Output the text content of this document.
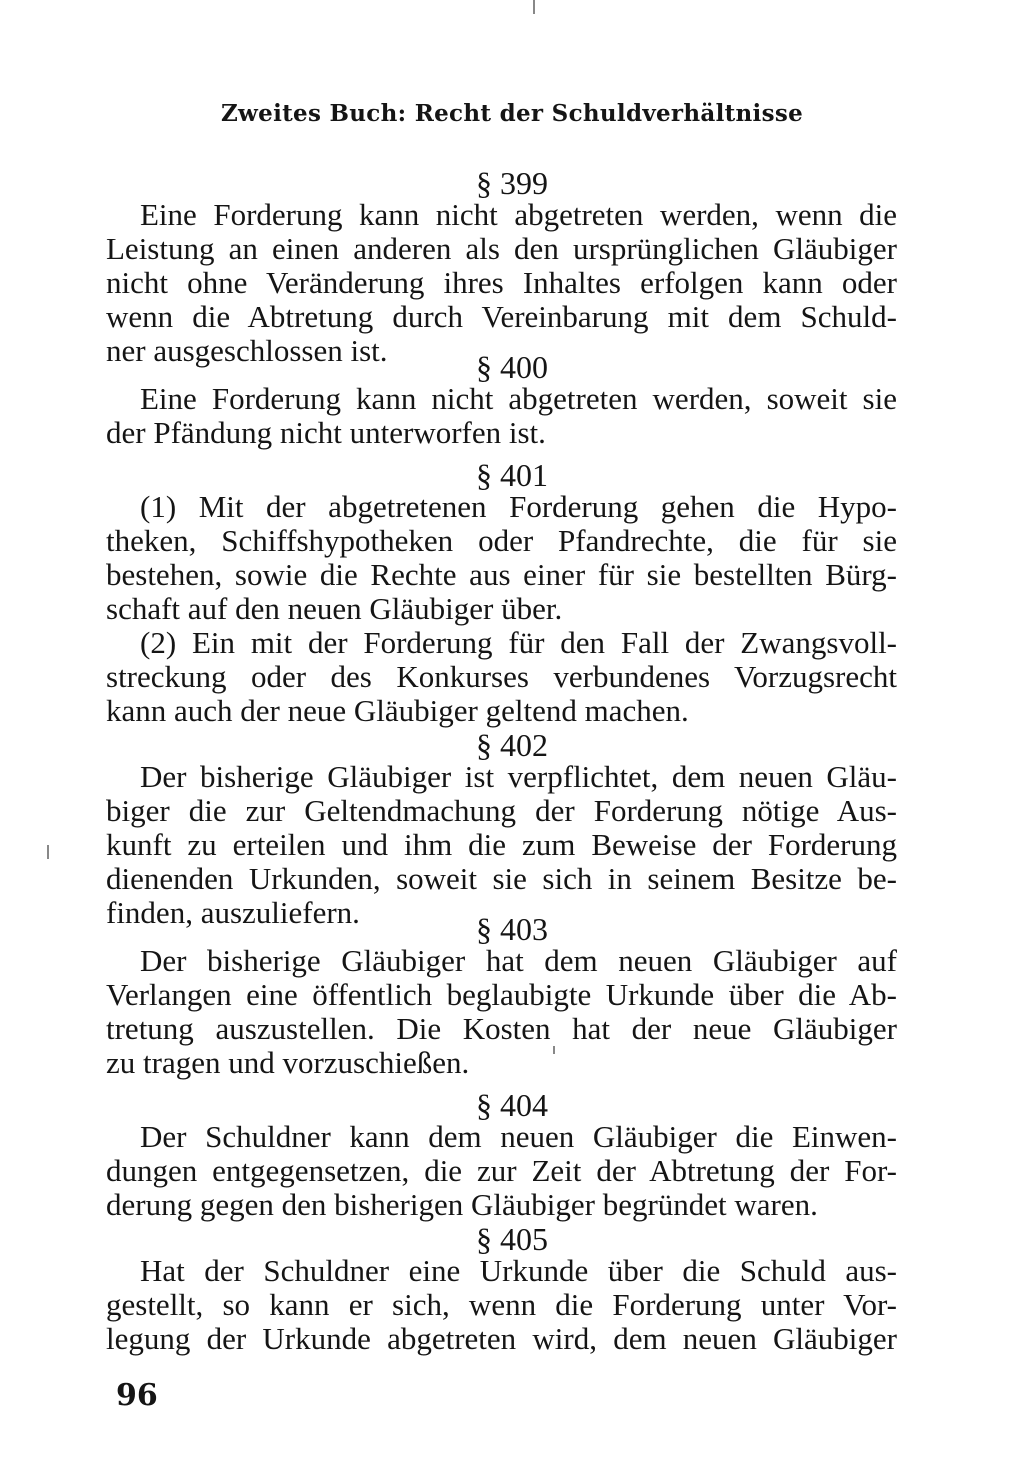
Zweites Buch: Recht der Schuldverhältnisse
§ 399
Eine Forderung kann nicht abgetreten werden, wenn die
Leistung an einen anderen als den ursprünglichen Gläubiger
nicht ohne Veränderung ihres Inhaltes erfolgen kann oder
wenn die Abtretung durch Vereinbarung mit dem Schuld-
ner ausgeschlossen ist.	§ 400
Eine Forderung kann nicht abgetreten werden, soweit sie
der Pfändung nicht unterworfen ist.
§ 401
(1) Mit der abgetretenen Forderung gehen die Hypo-
theken, Schiffshypotheken oder Pfandrechte, die für sie
bestehen, sowie die Rechte aus einer für sie bestellten Bürg-
schaft auf den neuen Gläubiger über.
(2) Ein mit der Forderung für den Fall der Zwangsvoll-
streckung oder des Konkurses verbundenes Vorzugsrecht
kann auch der neue Gläubiger geltend machen.
§ 402
Der bisherige Gläubiger ist verpflichtet, dem neuen Gläu-
biger die zur Geltendmachung der Forderung nötige Aus-
kunft zu erteilen und ihm die zum Beweise der Forderung
dienenden Urkunden, soweit sie sich in seinem Besitze be-
finden, auszuliefern.	§ 403
Der bisherige Gläubiger hat dem neuen Gläubiger auf
Verlangen eine öffentlich beglaubigte Urkunde über die Ab-
tretung auszustellen. Die Kosten hat der neue Gläubiger
zu tragen und vorzuschießen.
§ 404
Der Schuldner kann dem neuen Gläubiger die Einwen-
dungen entgegensetzen, die zur Zeit der Abtretung der For-
derung gegen den bisherigen Gläubiger begründet waren.
§ 405
Hat der Schuldner eine Urkunde über die Schuld aus-
gestellt, so kann er sich, wenn die Forderung unter Vor-
legung der Urkunde abgetreten wird, dem neuen Gläubiger
96
